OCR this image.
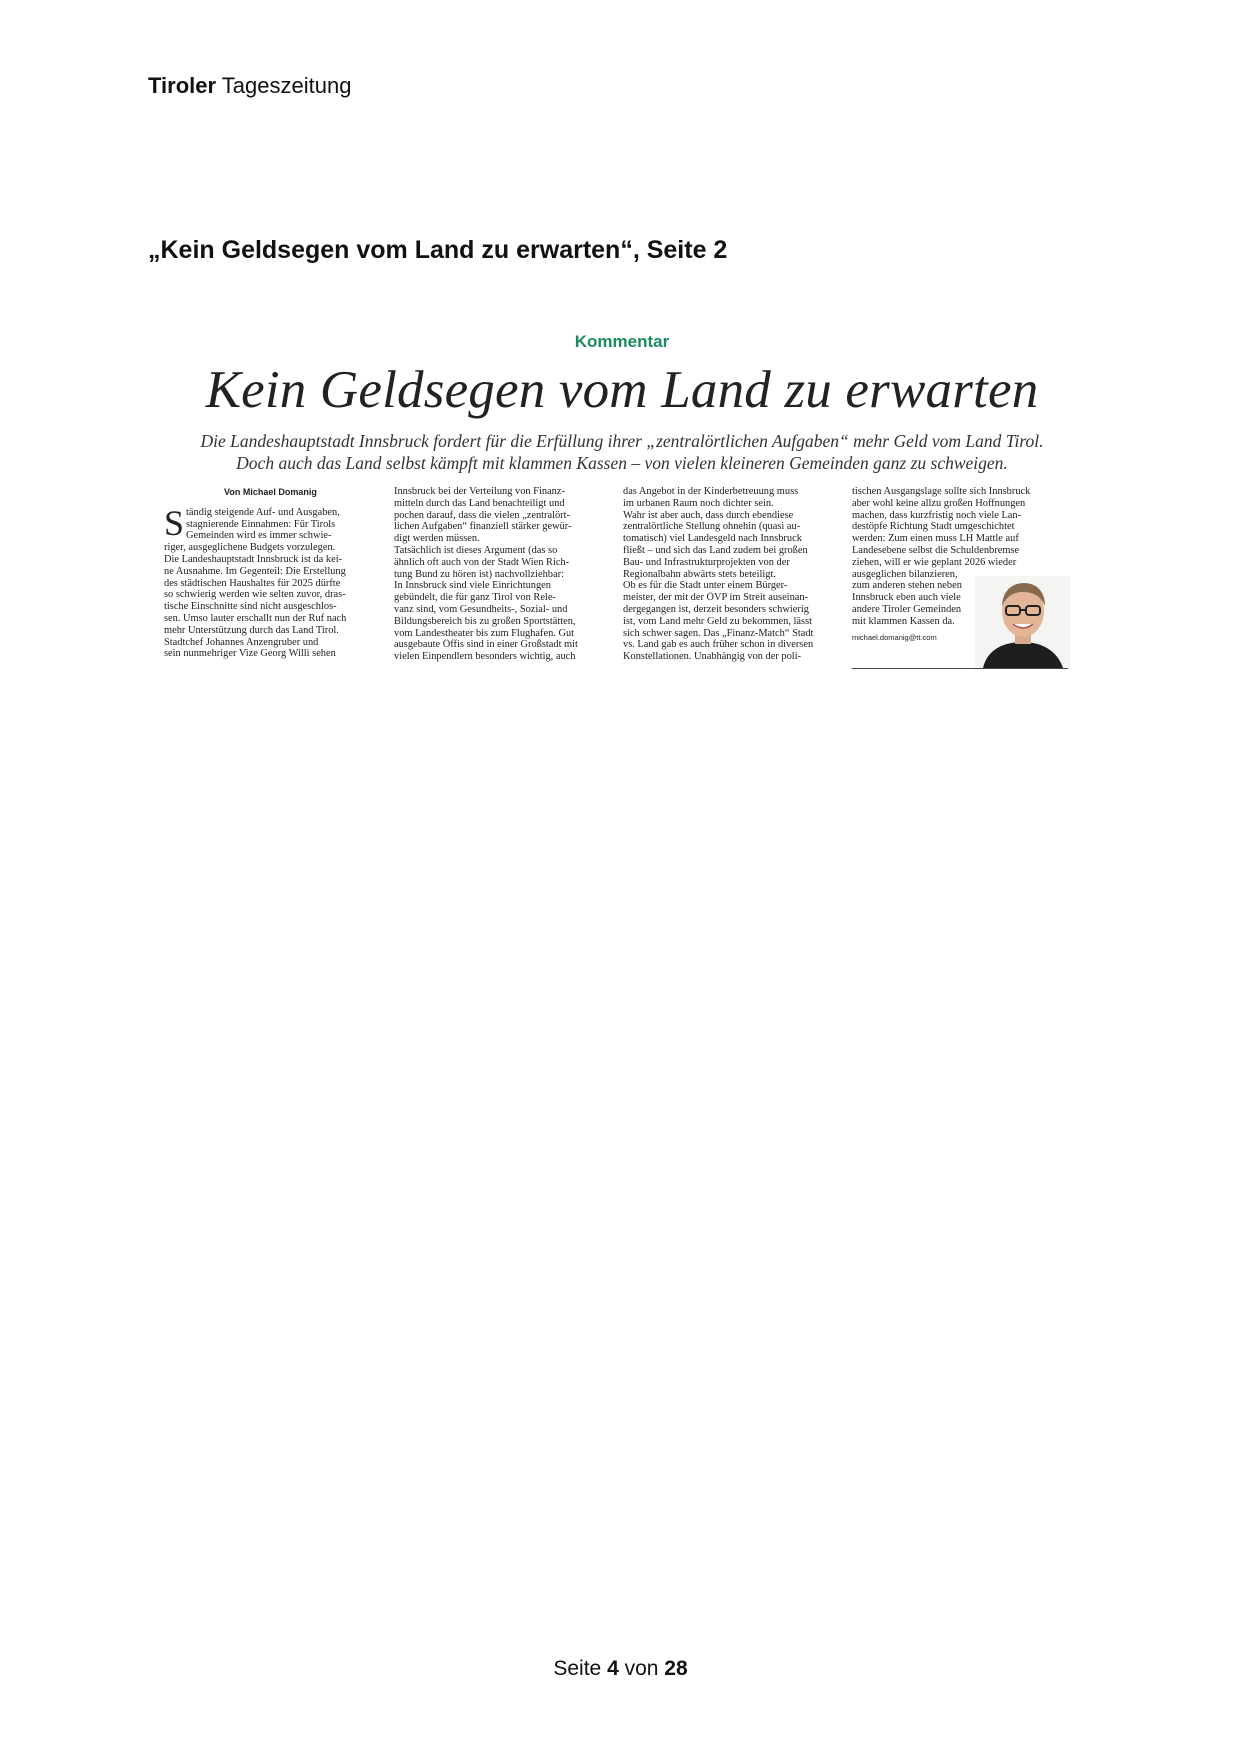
Tiroler Tageszeitung
„Kein Geldsegen vom Land zu erwarten“, Seite 2
Kommentar
Kein Geldsegen vom Land zu erwarten
Die Landeshauptstadt Innsbruck fordert für die Erfüllung ihrer „zentralörtlichen Aufgaben“ mehr Geld vom Land Tirol.
Doch auch das Land selbst kämpft mit klammen Kassen – von vielen kleineren Gemeinden ganz zu schweigen.
Von Michael Domanig
S tändig steigende Auf- und Ausgaben,
stagnierende Einnahmen: Für Tirols
Gemeinden wird es immer schwie-
riger, ausgeglichene Budgets vorzulegen.
Die Landeshauptstadt Innsbruck ist da kei-
ne Ausnahme. Im Gegenteil: Die Erstellung
des städtischen Haushaltes für 2025 dürfte
so schwierig werden wie selten zuvor, dras-
tische Einschnitte sind nicht ausgeschlos-
sen. Umso lauter erschallt nun der Ruf nach
mehr Unterstützung durch das Land Tirol.
Stadtchef Johannes Anzengruber und
sein nunmehriger Vize Georg Willi sehen
Innsbruck bei der Verteilung von Finanz-
mitteln durch das Land benachteiligt und
pochen darauf, dass die vielen „zentralört-
lichen Aufgaben“ finanziell stärker gewür-
digt werden müssen.
Tatsächlich ist dieses Argument (das so
ähnlich oft auch von der Stadt Wien Rich-
tung Bund zu hören ist) nachvollziehbar:
In Innsbruck sind viele Einrichtungen
gebündelt, die für ganz Tirol von Rele-
vanz sind, vom Gesundheits-, Sozial- und
Bildungsbereich bis zu großen Sportstätten,
vom Landestheater bis zum Flughafen. Gut
ausgebaute Öffis sind in einer Großstadt mit
vielen Einpendlern besonders wichtig, auch
das Angebot in der Kinderbetreuung muss
im urbanen Raum noch dichter sein.
Wahr ist aber auch, dass durch ebendiese
zentralörtliche Stellung ohnehin (quasi au-
tomatisch) viel Landesgeld nach Innsbruck
fließt – und sich das Land zudem bei großen
Bau- und Infrastrukturprojekten von der
Regionalbahn abwärts stets beteiligt.
Ob es für die Stadt unter einem Bürger-
meister, der mit der ÖVP im Streit auseinan-
dergegangen ist, derzeit besonders schwierig
ist, vom Land mehr Geld zu bekommen, lässt
sich schwer sagen. Das „Finanz-Match“ Stadt
vs. Land gab es auch früher schon in diversen
Konstellationen. Unabhängig von der poli-
tischen Ausgangslage sollte sich Innsbruck
aber wohl keine allzu großen Hoffnungen
machen, dass kurzfristig noch viele Lan-
destöpfe Richtung Stadt umgeschichtet
werden: Zum einen muss LH Mattle auf
Landesebene selbst die Schuldenbremse
ziehen, will er wie geplant 2026 wieder
ausgeglichen bilanzieren,
zum anderen stehen neben
Innsbruck eben auch viele
andere Tiroler Gemeinden
mit klammen Kassen da.
michael.domanig@tt.com
Seite 4 von 28
